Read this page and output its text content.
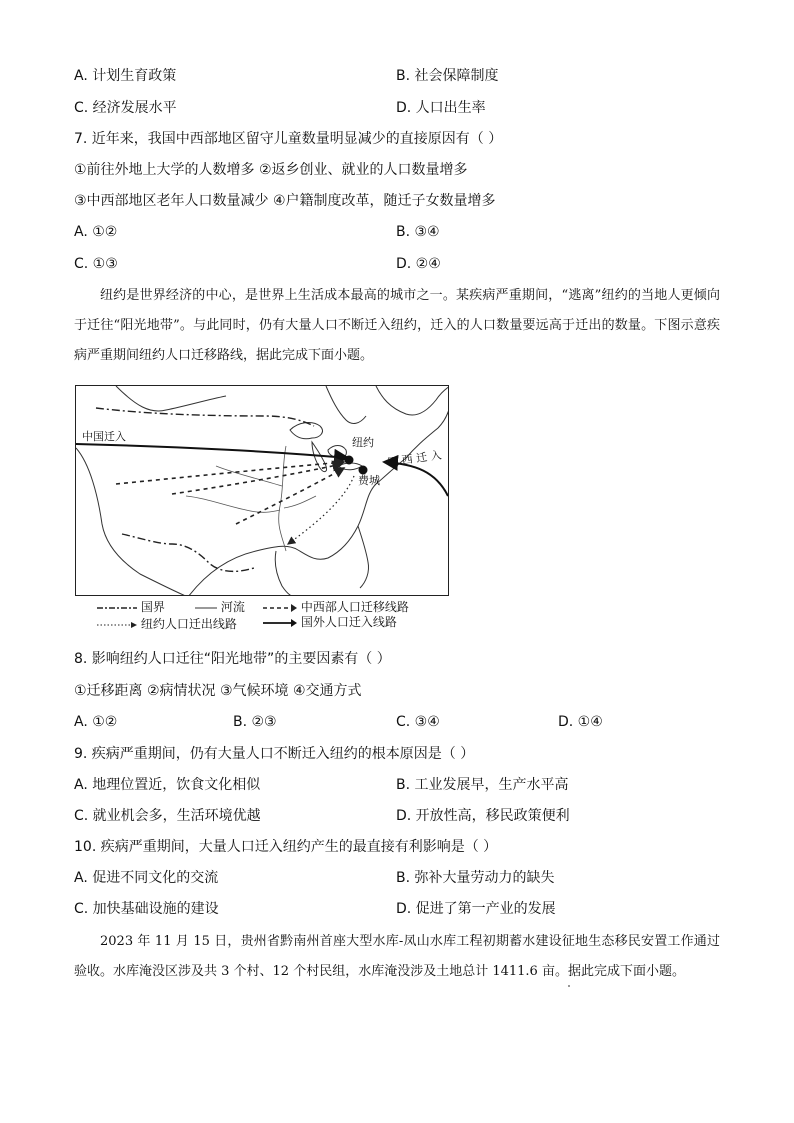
A. 计划生育政策	B. 社会保障制度
C. 经济发展水平	D. 人口出生率
7. 近年来，我国中西部地区留守儿童数量明显减少的直接原因有（ ）
①前往外地上大学的人数增多 ②返乡创业、就业的人口数量增多
③中西部地区老年人口数量减少 ④户籍制度改革，随迁子女数量增多
A. ①②	B. ③④
C. ①③	D. ②④
纽约是世界经济的中心，是世界上生活成本最高的城市之一。某疾病严重期间，“逃离”纽约的当地人更倾向于迁往“阳光地带”。与此同时，仍有大量人口不断迁入纽约，迁入的人口数量要远高于迁出的数量。下图示意疾病严重期间纽约人口迁移路线，据此完成下面小题。
中国迁入	纽约
费城
巴 西 迁 入
国界	河流	中西部人口迁移线路
纽约人口迁出线路	国外人口迁入线路
8. 影响纽约人口迁往“阳光地带”的主要因素有（ ）
①迁移距离 ②病情状况 ③气候环境 ④交通方式
A. ①②	B. ②③	C. ③④	D. ①④
9. 疾病严重期间，仍有大量人口不断迁入纽约的根本原因是（ ）
A. 地理位置近，饮食文化相似	B. 工业发展早，生产水平高
C. 就业机会多，生活环境优越	D. 开放性高，移民政策便利
10. 疾病严重期间，大量人口迁入纽约产生的最直接有利影响是（ ）
A. 促进不同文化的交流	B. 弥补大量劳动力的缺失
C. 加快基础设施的建设	D. 促进了第一产业的发展
2023 年 11 月 15 日，贵州省黔南州首座大型水库-凤山水库工程初期蓄水建设征地生态移民安置工作通过验收。水库淹没区涉及共 3 个村、12 个村民组，水库淹没涉及土地总计 1411.6 亩。据此完成下面小题。
